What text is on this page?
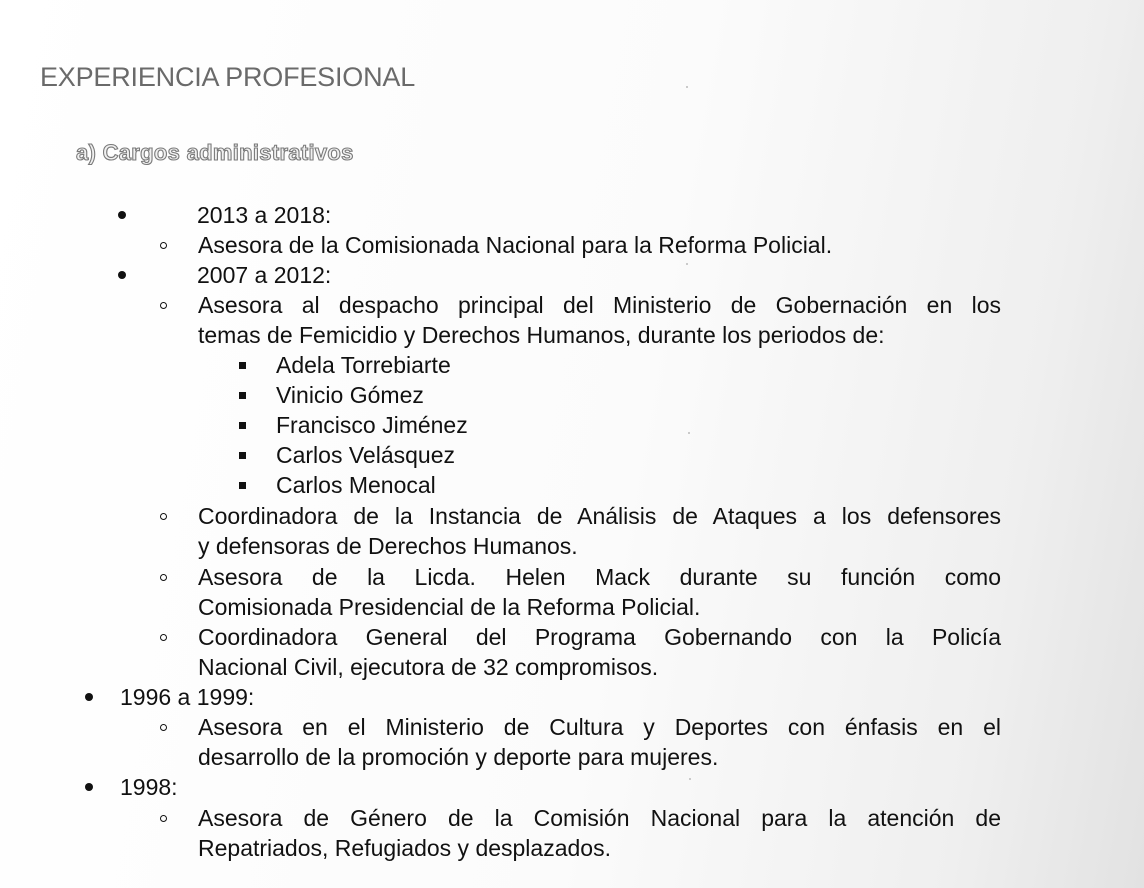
EXPERIENCIA PROFESIONAL
a) Cargos administrativos
2013 a 2018:
Asesora de la Comisionada Nacional para la Reforma Policial.
2007 a 2012:
Asesora al despacho principal del Ministerio de Gobernación en los
temas de Femicidio y Derechos Humanos, durante los periodos de:
Adela Torrebiarte
Vinicio Gómez
Francisco Jiménez
Carlos Velásquez
Carlos Menocal
Coordinadora de la Instancia de Análisis de Ataques a los defensores
y defensoras de Derechos Humanos.
Asesora de la Licda. Helen Mack durante su función como
Comisionada Presidencial de la Reforma Policial.
Coordinadora General del Programa Gobernando con la Policía
Nacional Civil, ejecutora de 32 compromisos.
1996 a 1999:
Asesora en el Ministerio de Cultura y Deportes con énfasis en el
desarrollo de la promoción y deporte para mujeres.
1998:
Asesora de Género de la Comisión Nacional para la atención de
Repatriados, Refugiados y desplazados.
